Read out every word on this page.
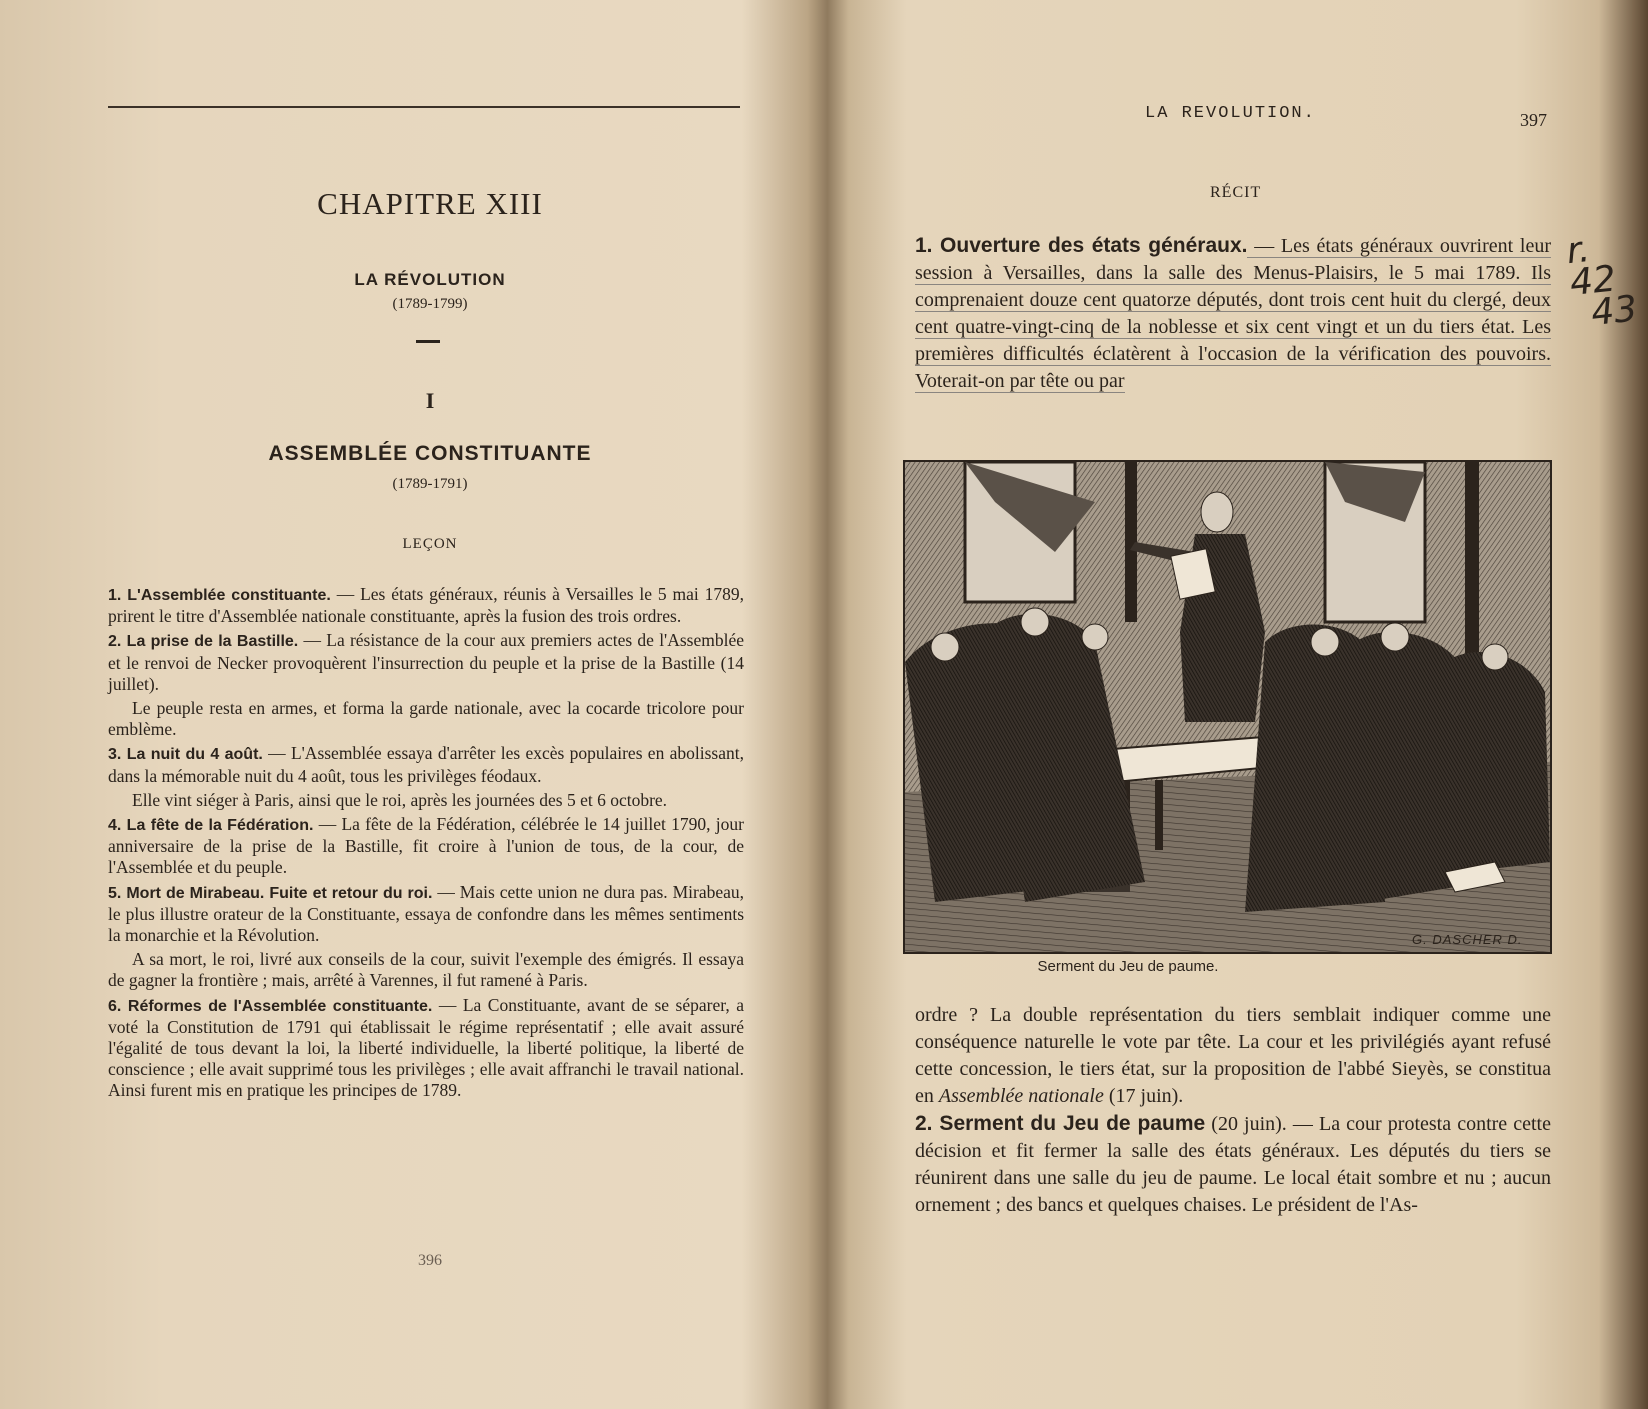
CHAPITRE XIII
LA RÉVOLUTION
(1789-1799)
I
ASSEMBLÉE CONSTITUANTE
(1789-1791)
LEÇON

1. L'Assemblée constituante. — Les états généraux, réunis à Versailles le 5 mai 1789, prirent le titre d'Assemblée nationale constituante, après la fusion des trois ordres.

2. La prise de la Bastille. — La résistance de la cour aux premiers actes de l'Assemblée et le renvoi de Necker provoquèrent l'insurrection du peuple et la prise de la Bastille (14 juillet).

Le peuple resta en armes, et forma la garde nationale, avec la cocarde tricolore pour emblème.

3. La nuit du 4 août. — L'Assemblée essaya d'arrêter les excès populaires en abolissant, dans la mémorable nuit du 4 août, tous les privilèges féodaux.

Elle vint siéger à Paris, ainsi que le roi, après les journées des 5 et 6 octobre.

4. La fête de la Fédération. — La fête de la Fédération, célébrée le 14 juillet 1790, jour anniversaire de la prise de la Bastille, fit croire à l'union de tous, de la cour, de l'Assemblée et du peuple.

5. Mort de Mirabeau. Fuite et retour du roi. — Mais cette union ne dura pas. Mirabeau, le plus illustre orateur de la Constituante, essaya de confondre dans les mêmes sentiments la monarchie et la Révolution.

A sa mort, le roi, livré aux conseils de la cour, suivit l'exemple des émigrés. Il essaya de gagner la frontière ; mais, arrêté à Varennes, il fut ramené à Paris.

6. Réformes de l'Assemblée constituante. — La Constituante, avant de se séparer, a voté la Constitution de 1791 qui établissait le régime représentatif ; elle avait assuré l'égalité de tous devant la loi, la liberté individuelle, la liberté politique, la liberté de conscience ; elle avait supprimé tous les privilèges ; elle avait affranchi le travail national. Ainsi furent mis en pratique les principes de 1789.

396
LA REVOLUTION.	397
RÉCIT

1. Ouverture des états généraux. — Les états généraux ouvrirent leur session à Versailles, dans la salle des Menus-Plaisirs, le 5 mai 1789. Ils comprenaient douze cent quatorze députés, dont trois cent huit du clergé, deux cent quatre-vingt-cinq de la noblesse et six cent vingt et un du tiers état. Les premières difficultés éclatèrent à l'occasion de la vérification des pouvoirs. Voterait-on par tête ou par

G. DASCHER D.
Serment du Jeu de paume.

ordre ? La double représentation du tiers semblait indiquer comme une conséquence naturelle le vote par tête. La cour et les privilégiés ayant refusé cette concession, le tiers état, sur la proposition de l'abbé Sieyès, se constitua en Assemblée nationale (17 juin).

2. Serment du Jeu de paume (20 juin). — La cour protesta contre cette décision et fit fermer la salle des états généraux. Les députés du tiers se réunirent dans une salle du jeu de paume. Le local était sombre et nu ; aucun ornement ; des bancs et quelques chaises. Le président de l'As-

r. 42
43
